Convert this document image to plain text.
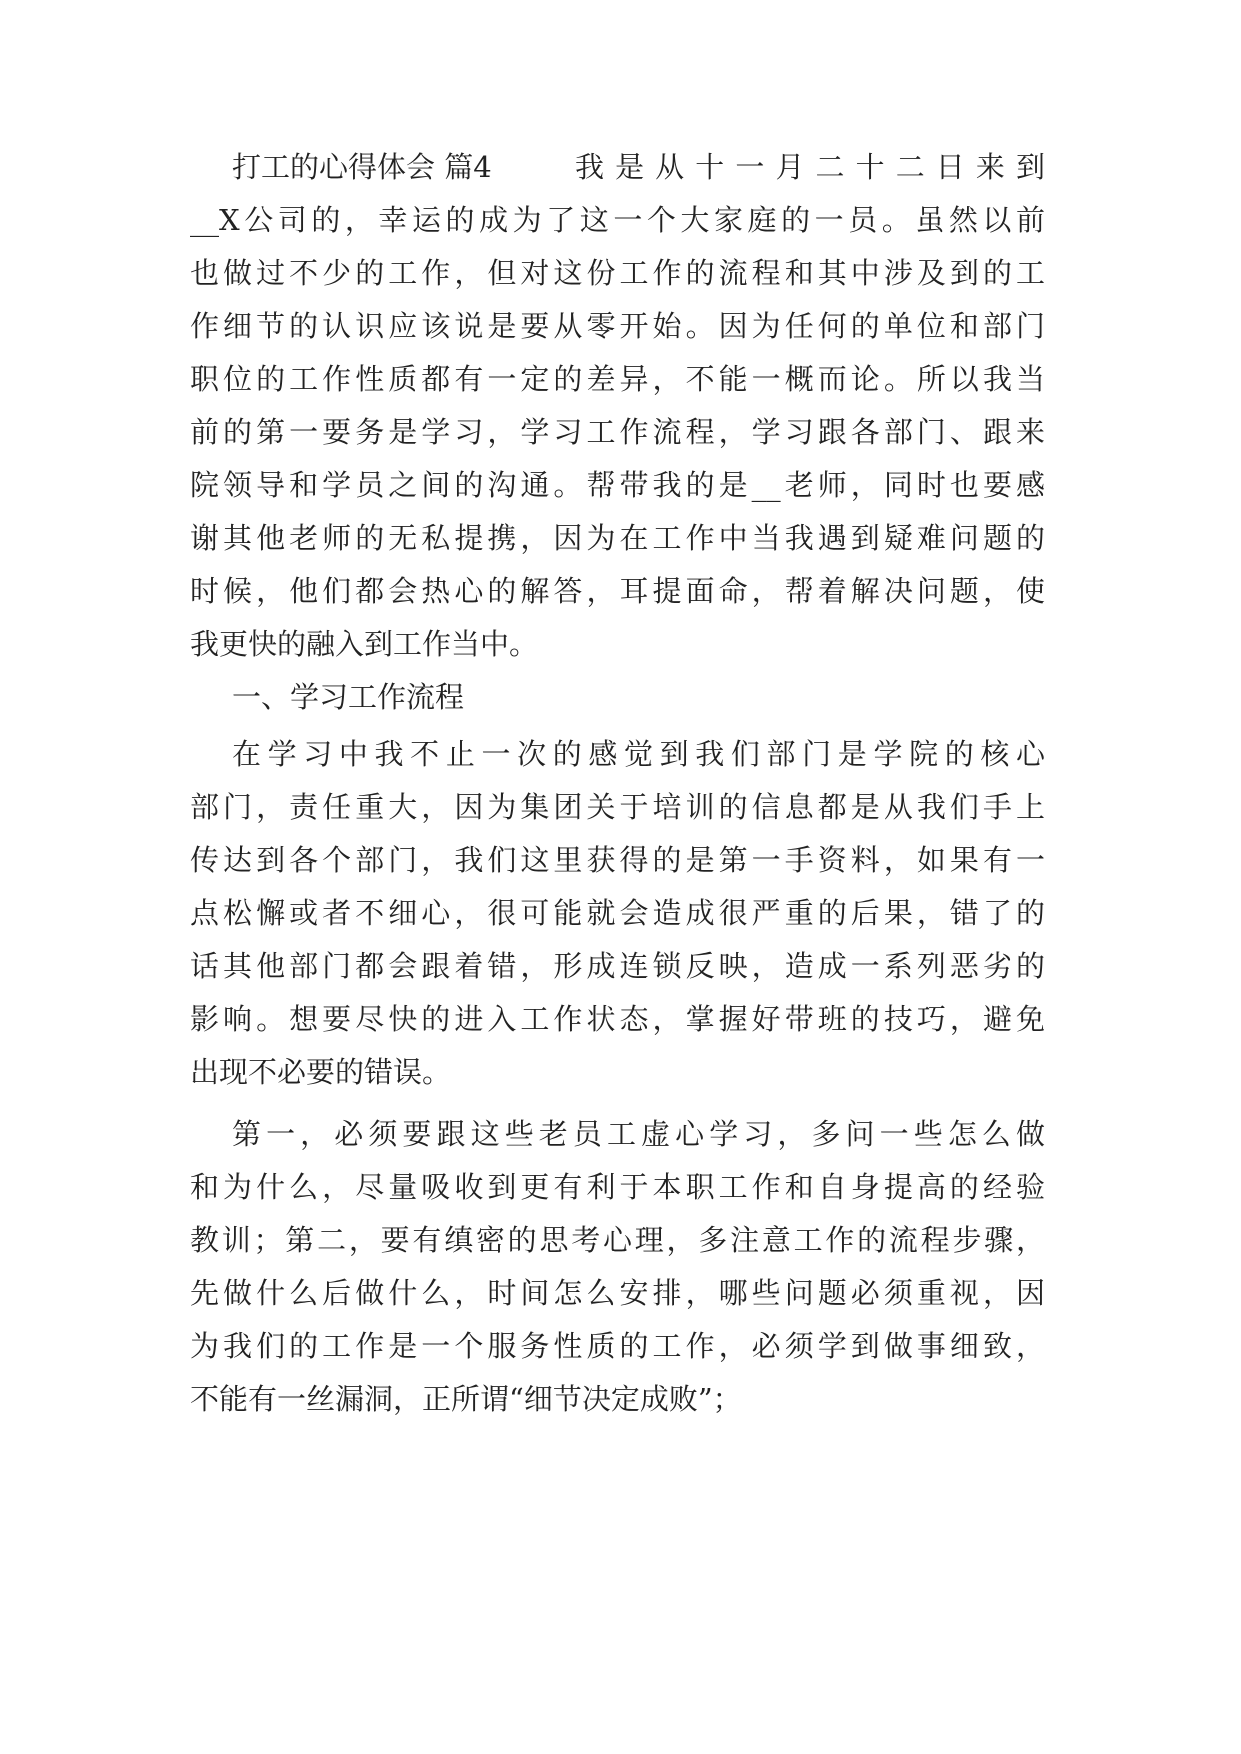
打工的心得体会 篇4	我是从十一月二十二日来到
__X公司的，幸运的成为了这一个大家庭的一员。虽然以前
也做过不少的工作，但对这份工作的流程和其中涉及到的工
作细节的认识应该说是要从零开始。因为任何的单位和部门
职位的工作性质都有一定的差异，不能一概而论。所以我当
前的第一要务是学习，学习工作流程，学习跟各部门、跟来
院领导和学员之间的沟通。帮带我的是__老师，同时也要感
谢其他老师的无私提携，因为在工作中当我遇到疑难问题的
时候，他们都会热心的解答，耳提面命，帮着解决问题，使
我更快的融入到工作当中。
一、学习工作流程
在学习中我不止一次的感觉到我们部门是学院的核心
部门，责任重大，因为集团关于培训的信息都是从我们手上
传达到各个部门，我们这里获得的是第一手资料，如果有一
点松懈或者不细心，很可能就会造成很严重的后果，错了的
话其他部门都会跟着错，形成连锁反映，造成一系列恶劣的
影响。想要尽快的进入工作状态，掌握好带班的技巧，避免
出现不必要的错误。
第一，必须要跟这些老员工虚心学习，多问一些怎么做
和为什么，尽量吸收到更有利于本职工作和自身提高的经验
教训；第二，要有缜密的思考心理，多注意工作的流程步骤，
先做什么后做什么，时间怎么安排，哪些问题必须重视，因
为我们的工作是一个服务性质的工作，必须学到做事细致，
不能有一丝漏洞，正所谓“细节决定成败”；
